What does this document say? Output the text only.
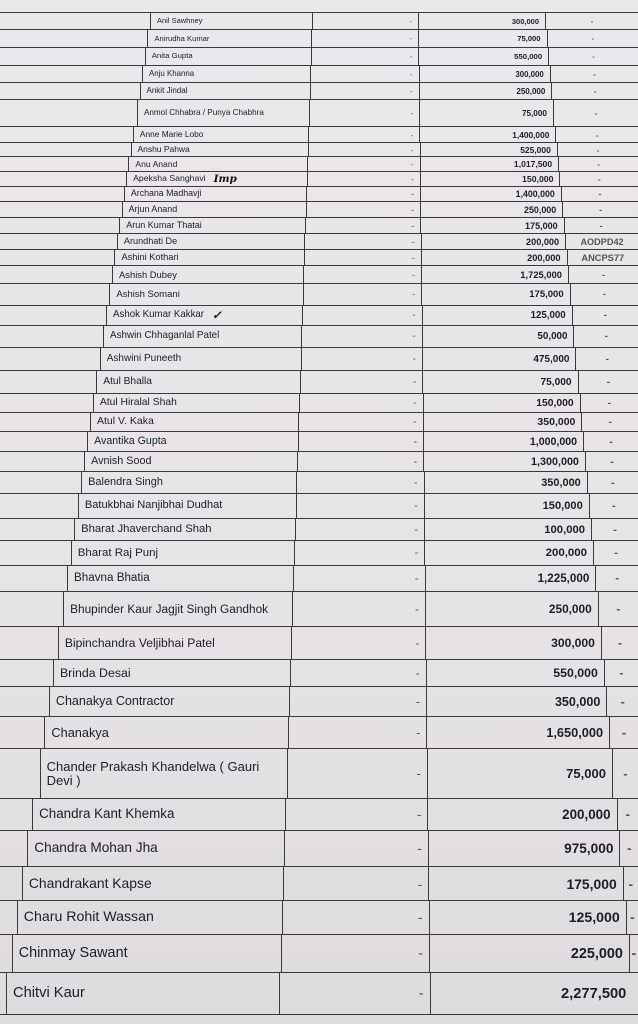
Anil Sawhney	-	300,000	-
Anirudha Kumar	-	75,000	-
Anita Gupta	-	550,000	-
Anju Khanna	-	300,000	-
Ankit Jindal	-	250,000	-
Anmol Chhabra / Punya Chabhra	-	75,000	-
Anne Marie Lobo	-	1,400,000	-
Anshu Pahwa	-	525,000	-
Anu Anand	-	1,017,500	-
Apeksha Sanghavi Imp	-	150,000	-
Archana Madhavji	-	1,400,000	-
Arjun Anand	-	250,000	-
Arun Kumar Thatai	-	175,000	-
Arundhati De	-	200,000 AODPD42
Ashini Kothari	-	200,000 ANCPS77
Ashish Dubey	-	1,725,000	-
Ashish Somani	-	175,000	-
Ashok Kumar Kakkar ✓	-	125,000	-
Ashwin Chhaganlal Patel	-	50,000	-
Ashwini Puneeth	-	475,000	-
Atul Bhalla	-	75,000	-
Atul Hiralal Shah	-	150,000	-
Atul V. Kaka	-	350,000	-
Avantika Gupta	-	1,000,000	-
Avnish Sood	-	1,300,000	-
Balendra Singh	-	350,000	-
Batukbhai Nanjibhai Dudhat	-	150,000	-
Bharat Jhaverchand Shah	-	100,000 -
Bharat Raj Punj	-	200,000 -
Bhavna Bhatia	-	1,225,000 -
Bhupinder Kaur Jagjit Singh Gandhok	-	250,000 -
Bipinchandra Veljibhai Patel	-	300,000 -
Brinda Desai	-	550,000 -
Chanakya Contractor	-	350,000 -
Chanakya	-	1,650,000 -
Chander Prakash Khandelwa ( Gauri Devi )	-	75,000 -
Chandra Kant Khemka	-	200,000 -
Chandra Mohan Jha	-	975,000 -
Chandrakant Kapse	-	175,000 -
Charu Rohit Wassan	-	125,000 -
Chinmay Sawant	-	225,000 -
Chitvi Kaur	-	2,277,500
